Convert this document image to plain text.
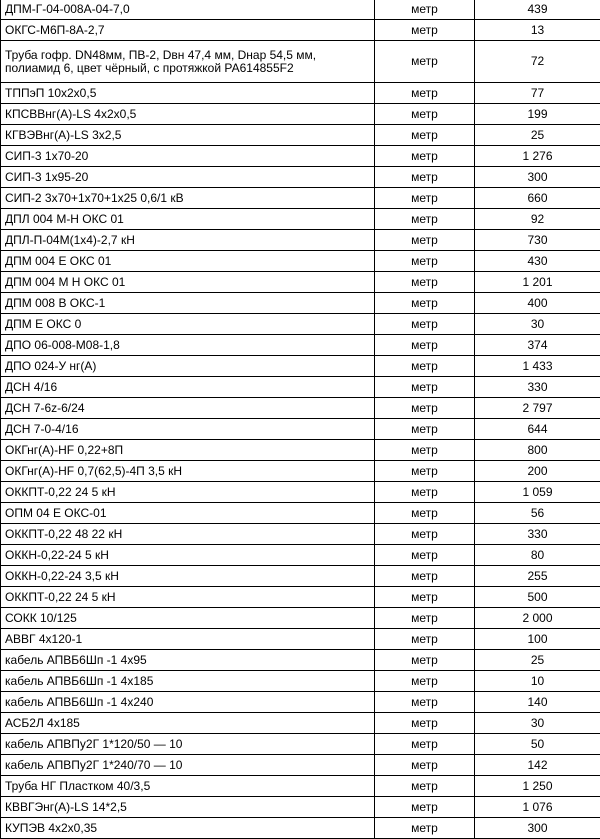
ДПМ-Г-04-008А-04-7,0	метр	439
ОКГС-М6П-8А-2,7	метр	13
Труба гофр. DN48мм, ПВ-2, Dвн 47,4 мм, Dнар 54,5 мм, полиамид 6, цвет чёрный, с протяжкой РА614855F2	метр	72
ТППэП 10х2х0,5	метр	77
КПСВВнг(А)-LS 4х2х0,5	метр	199
КГВЭВнг(А)-LS 3х2,5	метр	25
СИП-3 1х70-20	метр	1 276
СИП-3 1х95-20	метр	300
СИП-2 3х70+1х70+1х25 0,6/1 кВ	метр	660
ДПЛ 004 М-Н ОКС 01	метр	92
ДПЛ-П-04М(1х4)-2,7 кН	метр	730
ДПМ 004 Е ОКС 01	метр	430
ДПМ 004 М Н ОКС 01	метр	1 201
ДПМ 008 В ОКС-1	метр	400
ДПМ Е ОКС 0	метр	30
ДПО 06-008-М08-1,8	метр	374
ДПО 024-У нг(А)	метр	1 433
ДСН 4/16	метр	330
ДСН 7-6z-6/24	метр	2 797
ДСН 7-0-4/16	метр	644
ОКГнг(А)-HF 0,22+8П	метр	800
ОКГнг(А)-HF 0,7(62,5)-4П 3,5 кН	метр	200
ОККПТ-0,22 24 5 кН	метр	1 059
ОПМ 04 Е ОКС-01	метр	56
ОККПТ-0,22 48 22 кН	метр	330
ОККН-0,22-24 5 кН	метр	80
ОККН-0,22-24 3,5 кН	метр	255
ОККПТ-0,22 24 5 кН	метр	500
СОКК 10/125	метр	2 000
АВВГ 4х120-1	метр	100
кабель АПВБ6Шп -1 4х95	метр	25
кабель АПВБ6Шп -1 4х185	метр	10
кабель АПВБ6Шп -1 4х240	метр	140
АСБ2Л 4х185	метр	30
кабель АПВПу2Г 1*120/50 — 10	метр	50
кабель АПВПу2Г 1*240/70 — 10	метр	142
Труба НГ Пластком 40/3,5	метр	1 250
КВВГЭнг(А)-LS 14*2,5	метр	1 076
КУПЭВ 4х2х0,35	метр	300
